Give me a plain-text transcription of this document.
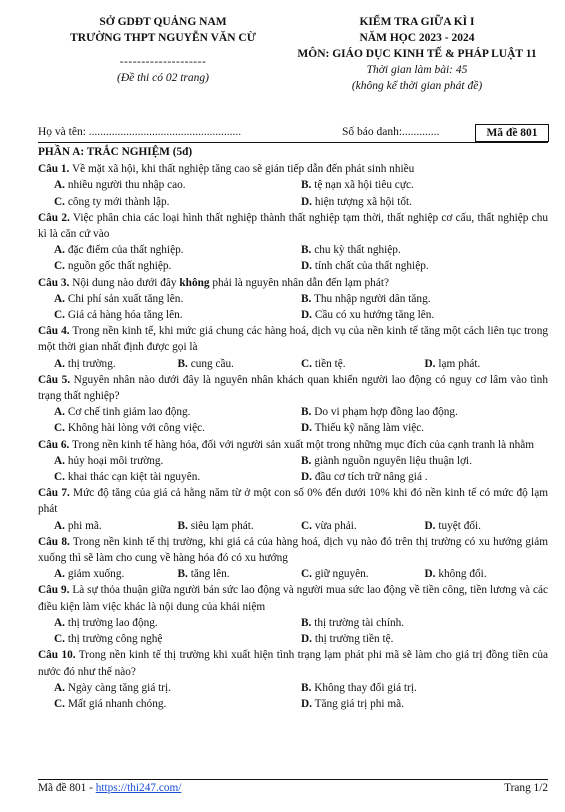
SỞ GDĐT QUẢNG NAM
TRƯỜNG THPT NGUYỄN VĂN CỪ
--------------------
(Đề thi có 02 trang)
KIỂM TRA GIỮA KÌ I
NĂM HỌC 2023 - 2024
MÔN: GIÁO DỤC KINH TẾ & PHÁP LUẬT 11
Thời gian làm bài: 45
(không kể thời gian phát đề)
Họ và tên: .....................................................	Số báo danh:.............	Mã đề 801
PHẦN A: TRẮC NGHIỆM (5đ)

Câu 1. Về mặt xã hội, khi thất nghiệp tăng cao sẽ gián tiếp dẫn đến phát sinh nhiều

A. nhiều người thu nhập cao.	B. tệ nạn xã hội tiêu cực.
C. công ty mới thành lập.	D. hiện tượng xã hội tốt.

Câu 2. Việc phân chia các loại hình thất nghiệp thành thất nghiệp tạm thời, thất nghiệp cơ cấu, thất nghiệp chu kì là căn cứ vào

A. đặc điểm của thất nghiệp.	B. chu kỳ thất nghiệp.
C. nguồn gốc thất nghiệp.	D. tính chất của thất nghiệp.

Câu 3. Nội dung nào dưới đây không phải là nguyên nhân dẫn đến lạm phát?

A. Chi phí sản xuất tăng lên.	B. Thu nhập người dân tăng.
C. Giá cả hàng hóa tăng lên.	D. Cầu có xu hướng tăng lên.

Câu 4. Trong nền kinh tế, khi mức giá chung các hàng hoá, dịch vụ của nền kinh tế tăng một cách liên tục trong một thời gian nhất định được gọi là

A. thị trường.	B. cung cầu.	C. tiền tệ.	D. lạm phát.

Câu 5. Nguyên nhân nào dưới đây là nguyên nhân khách quan khiến người lao động có nguy cơ lâm vào tình trạng thất nghiệp?

A. Cơ chế tinh giảm lao động.	B. Do vi phạm hợp đồng lao động.
C. Không hài lòng với công việc.	D. Thiếu kỹ năng làm việc.

Câu 6. Trong nền kinh tế hàng hóa, đối với người sản xuất một trong những mục đích của cạnh tranh là nhằm

A. hủy hoại môi trường.	B. giành nguồn nguyên liệu thuận lợi.
C. khai thác cạn kiệt tài nguyên.	D. đầu cơ tích trữ nâng giá .

Câu 7. Mức độ tăng của giá cả hằng năm từ ở một con số 0% đến dưới 10% khi đó nền kinh tế có mức độ lạm phát

A. phi mã.	B. siêu lạm phát.	C. vừa phải.	D. tuyệt đối.

Câu 8. Trong nền kinh tế thị trường, khi giá cả của hàng hoá, dịch vụ nào đó trên thị trường có xu hướng giảm xuống thì sẽ làm cho cung về hàng hóa đó có xu hướng

A. giảm xuống.	B. tăng lên.	C. giữ nguyên.	D. không đổi.

Câu 9. Là sự thỏa thuận giữa người bán sức lao động và người mua sức lao động về tiền công, tiền lương và các điều kiện làm việc khác là nội dung của khái niệm

A. thị trường lao động.	B. thị trường tài chính.
C. thị trường công nghệ	D. thị trường tiền tệ.

Câu 10. Trong nền kinh tế thị trường khi xuất hiện tình trạng lạm phát phi mã sẽ làm cho giá trị đồng tiền của nước đó như thế nào?

A. Ngày càng tăng giá trị.	B. Không thay đổi giá trị.
C. Mất giá nhanh chóng.	D. Tăng giá trị phi mã.
Mã đề 801 - https://thi247.com/	Trang 1/2
